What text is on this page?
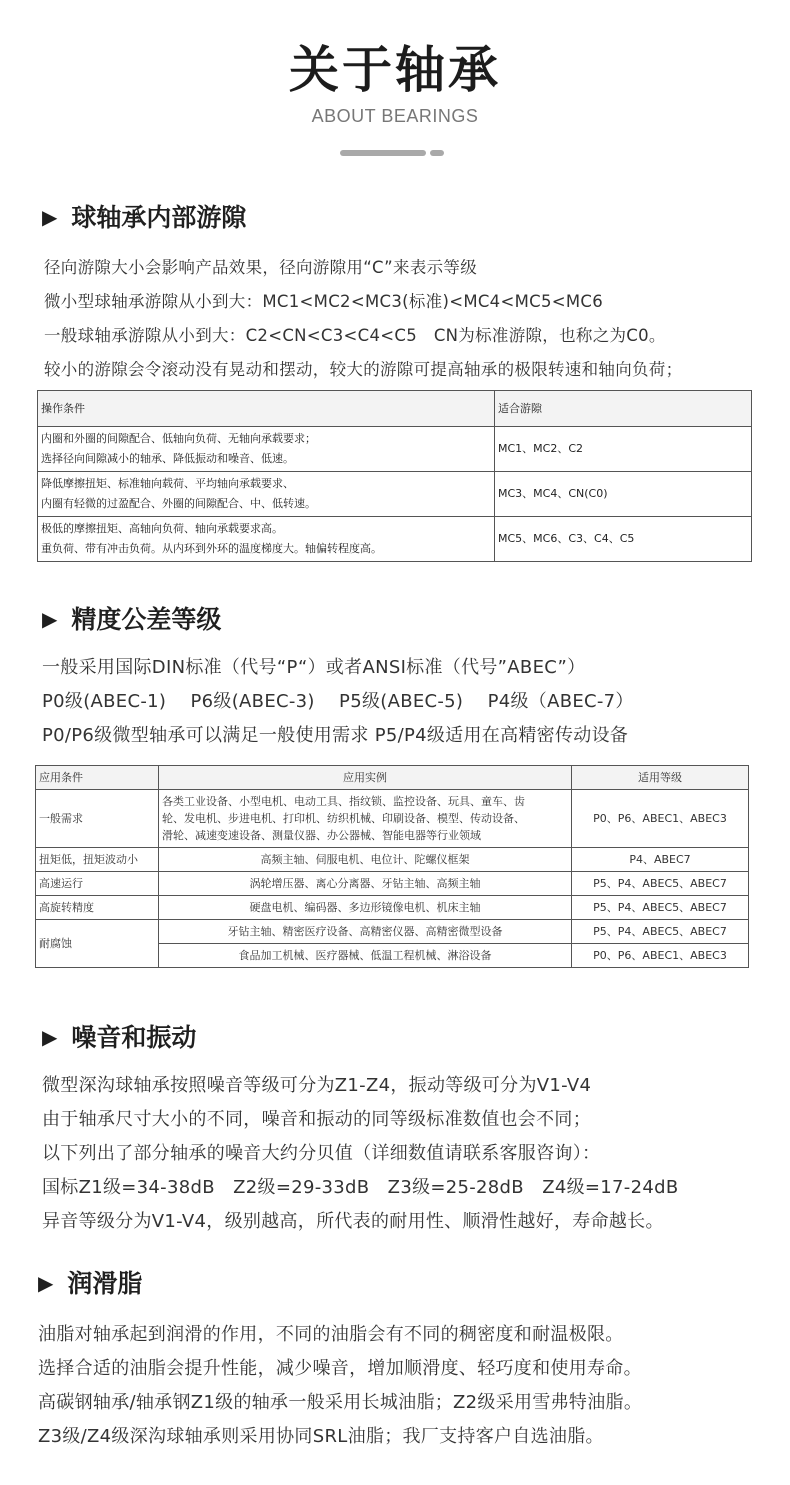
关于轴承
ABOUT BEARINGS
▶ 球轴承内部游隙
径向游隙大小会影响产品效果，径向游隙用“C”来表示等级
微小型球轴承游隙从小到大：MC1<MC2<MC3(标准)<MC4<MC5<MC6
一般球轴承游隙从小到大：C2<CN<C3<C4<C5　CN为标准游隙，也称之为C0。
较小的游隙会令滚动没有晃动和摆动，较大的游隙可提高轴承的极限转速和轴向负荷；
操作条件	适合游隙

内圈和外圈的间隙配合、低轴向负荷、无轴向承载要求；
选择径向间隙减小的轴承、降低振动和噪音、低速。	MC1、MC2、C2

降低摩擦扭矩、标准轴向载荷、平均轴向承载要求、
内圈有轻微的过盈配合、外圈的间隙配合、中、低转速。	MC3、MC4、CN(C0)

极低的摩擦扭矩、高轴向负荷、轴向承载要求高。
重负荷、带有冲击负荷。从内环到外环的温度梯度大。轴偏转程度高。	MC5、MC6、C3、C4、C5
▶ 精度公差等级
一般采用国际DIN标准（代号“P“）或者ANSI标准（代号”ABEC”）
P0级(ABEC-1)　 P6级(ABEC-3)　 P5级(ABEC-5)　 P4级（ABEC-7）
P0/P6级微型轴承可以满足一般使用需求 P5/P4级适用在高精密传动设备
应用条件	应用实例	适用等级
一般需求	各类工业设备、小型电机、电动工具、指纹锁、监控设备、玩具、童车、齿
轮、发电机、步进电机、打印机、纺织机械、印刷设备、模型、传动设备、
滑轮、减速变速设备、测量仪器、办公器械、智能电器等行业领域	P0、P6、ABEC1、ABEC3
扭矩低，扭矩波动小	高频主轴、伺服电机、电位计、陀螺仪框架	P4、ABEC7
高速运行	涡轮增压器、离心分离器、牙钻主轴、高频主轴	P5、P4、ABEC5、ABEC7
高旋转精度	硬盘电机、编码器、多边形镜像电机、机床主轴	P5、P4、ABEC5、ABEC7
耐腐蚀	牙钻主轴、精密医疗设备、高精密仪器、高精密微型设备	P5、P4、ABEC5、ABEC7
	食品加工机械、医疗器械、低温工程机械、淋浴设备	P0、P6、ABEC1、ABEC3
▶ 噪音和振动
微型深沟球轴承按照噪音等级可分为Z1-Z4，振动等级可分为V1-V4
由于轴承尺寸大小的不同，噪音和振动的同等级标准数值也会不同；
以下列出了部分轴承的噪音大约分贝值（详细数值请联系客服咨询）：
国标Z1级=34-38dB　Z2级=29-33dB　Z3级=25-28dB　Z4级=17-24dB
异音等级分为V1-V4，级别越高，所代表的耐用性、顺滑性越好，寿命越长。
▶ 润滑脂
油脂对轴承起到润滑的作用，不同的油脂会有不同的稠密度和耐温极限。
选择合适的油脂会提升性能，减少噪音，增加顺滑度、轻巧度和使用寿命。
高碳钢轴承/轴承钢Z1级的轴承一般采用长城油脂；Z2级采用雪弗特油脂。
Z3级/Z4级深沟球轴承则采用协同SRL油脂；我厂支持客户自选油脂。
